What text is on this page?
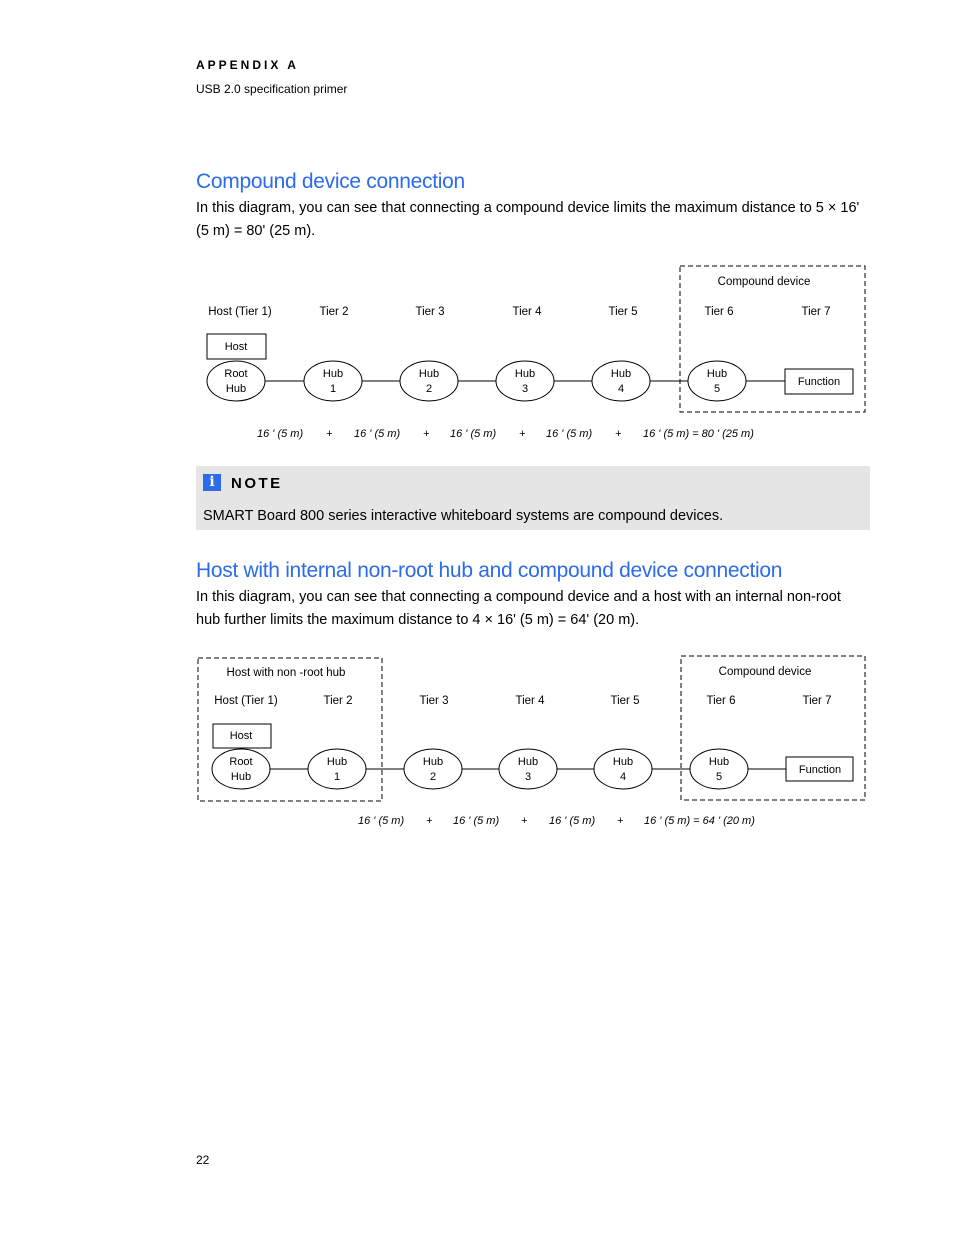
APPENDIX A
USB 2.0 specification primer
Compound device connection
In this diagram, you can see that connecting a compound device limits the maximum distance to 5 × 16' (5 m) = 80' (25 m).
Compound device
Host (Tier 1)	Tier 2	Tier 3	Tier 4	Tier 5	Tier 6	Tier 7
Host
Root
Hub
Hub
1
Hub
2
Hub
3
Hub
4
Hub
5
Function
16 ' (5 m) + 16 ' (5 m) + 16 ' (5 m) + 16 ' (5 m) + 16 ' (5 m) = 80 ' (25 m)
i	NOTE
SMART Board 800 series interactive whiteboard systems are compound devices.
Host with internal non-root hub and compound device connection
In this diagram, you can see that connecting a compound device and a host with an internal non-root hub further limits the maximum distance to 4 × 16' (5 m) = 64' (20 m).
Host with non -root hub	Compound device
Host (Tier 1)	Tier 2	Tier 3	Tier 4	Tier 5	Tier 6	Tier 7
Host
Root
Hub
Hub
1
Hub
2
Hub
3
Hub
4
Hub
5
Function
16 ' (5 m) + 16 ' (5 m) + 16 ' (5 m) + 16 ' (5 m) = 64 ' (20 m)
22
